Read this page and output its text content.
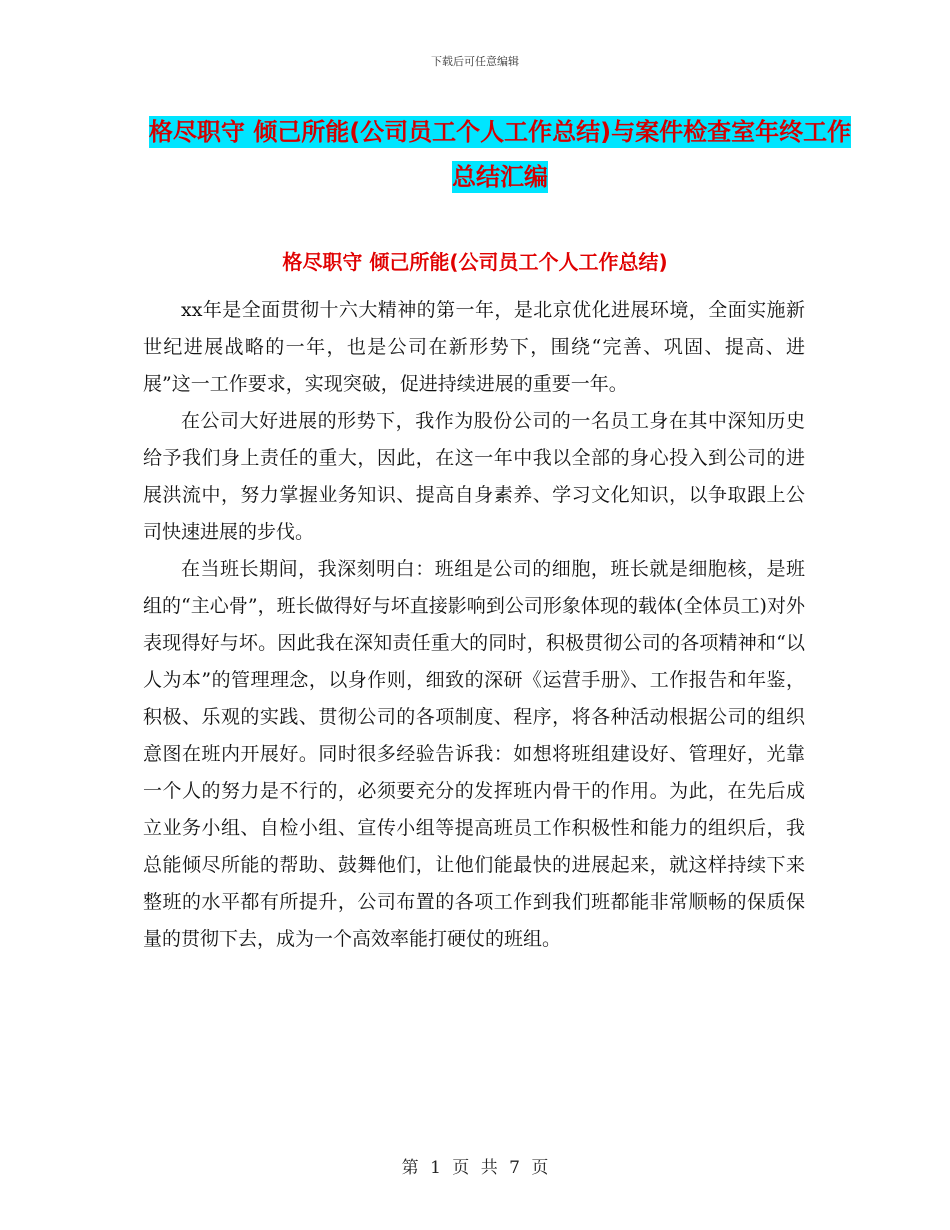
下载后可任意编辑
格尽职守 倾己所能(公司员工个人工作总结)与案件检查室年终工作总结汇编
格尽职守 倾己所能(公司员工个人工作总结)

xx年是全面贯彻十六大精神的第一年，是北京优化进展环境，全面实施新世纪进展战略的一年，也是公司在新形势下，围绕“完善、巩固、提高、进展”这一工作要求，实现突破，促进持续进展的重要一年。

在公司大好进展的形势下，我作为股份公司的一名员工身在其中深知历史给予我们身上责任的重大，因此，在这一年中我以全部的身心投入到公司的进展洪流中，努力掌握业务知识、提高自身素养、学习文化知识，以争取跟上公司快速进展的步伐。

在当班长期间，我深刻明白：班组是公司的细胞，班长就是细胞核，是班组的“主心骨”，班长做得好与坏直接影响到公司形象体现的载体(全体员工)对外表现得好与坏。因此我在深知责任重大的同时，积极贯彻公司的各项精神和“以人为本”的管理理念，以身作则，细致的深研《运营手册》、工作报告和年鉴，积极、乐观的实践、贯彻公司的各项制度、程序，将各种活动根据公司的组织意图在班内开展好。同时很多经验告诉我：如想将班组建设好、管理好，光靠一个人的努力是不行的，必须要充分的发挥班内骨干的作用。为此，在先后成立业务小组、自检小组、宣传小组等提高班员工作积极性和能力的组织后，我总能倾尽所能的帮助、鼓舞他们，让他们能最快的进展起来，就这样持续下来整班的水平都有所提升，公司布置的各项工作到我们班都能非常顺畅的保质保量的贯彻下去，成为一个高效率能打硬仗的班组。

第 1 页 共 7 页
